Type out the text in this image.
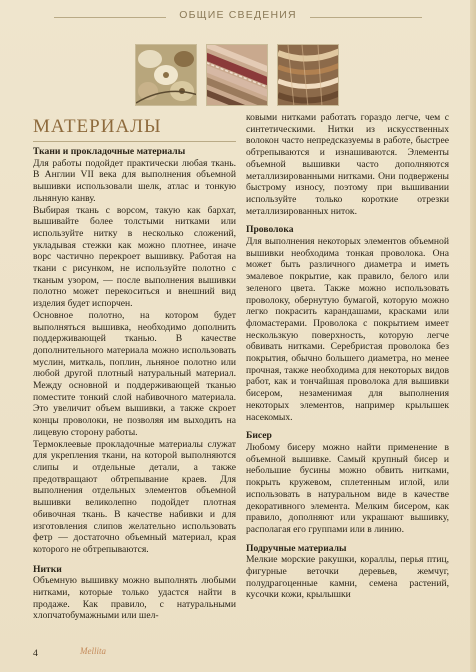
ОБЩИЕ СВЕДЕНИЯ
МАТЕРИАЛЫ
Ткани и прокладочные материалы

Для работы подойдет практически любая ткань. В Англии VII века для выполнения объемной вышивки использовали шелк, атлас и тонкую льняную канву.

Выбирая ткань с ворсом, такую как бархат, вышивайте более толстыми нитками или используйте нитку в несколько сложений, укладывая стежки как можно плотнее, иначе ворс частично перекроет вышивку. Работая на ткани с рисунком, не используйте полотно с тканым узором, — после выполнения вышивки полотно может перекоситься и внешний вид изделия будет испорчен.

Основное полотно, на котором будет выполняться вышивка, необходимо дополнить поддерживающей тканью. В качестве дополнительного материала можно использовать муслин, миткаль, поплин, льняное полотно или любой другой плотный натуральный материал. Между основной и поддерживающей тканью поместите тонкий слой набивочного материала. Это увеличит объем вышивки, а также скроет концы проволоки, не позволяя им выходить на лицевую сторону работы.

Термоклеевые прокладочные материалы служат для укрепления ткани, на которой выполняются слипы и отдельные детали, а также предотвращают обтрепывание краев. Для выполнения отдельных элементов объемной вышивки великолепно подойдет плотная обивочная ткань. В качестве набивки и для изготовления слипов желательно использовать фетр — достаточно объемный материал, края которого не обтрепываются.

Нитки

Объемную вышивку можно выполнять любыми нитками, которые только удастся найти в продаже. Как правило, с натуральными хлопчатобумажными или шел-

ковыми нитками работать гораздо легче, чем с синтетическими. Нитки из искусственных волокон часто непредсказуемы в работе, быстрее обтрепываются и изнашиваются. Элементы объемной вышивки часто дополняются металлизированными нитками. Они подвержены быстрому износу, поэтому при вышивании используйте только короткие отрезки металлизированных ниток.

Проволока

Для выполнения некоторых элементов объемной вышивки необходима тонкая проволока. Она может быть различного диаметра и иметь эмалевое покрытие, как правило, белого или зеленого цвета. Также можно использовать проволоку, обернутую бумагой, которую можно легко покрасить карандашами, красками или фломастерами. Проволока с покрытием имеет нескользкую поверхность, которую легче обвивать нитками. Серебристая проволока без покрытия, обычно большего диаметра, но менее прочная, также необходима для некоторых видов работ, как и тончайшая проволока для вышивки бисером, незаменимая для выполнения некоторых элементов, например крылышек насекомых.

Бисер

Любому бисеру можно найти применение в объемной вышивке. Самый крупный бисер и небольшие бусины можно обвить нитками, покрыть кружевом, сплетенным иглой, или использовать в натуральном виде в качестве декоративного элемента. Мелким бисером, как правило, дополняют или украшают вышивку, располагая его группами или в линию.

Подручные материалы

Мелкие морские ракушки, кораллы, перья птиц, фигурные веточки деревьев, жемчуг, полудрагоценные камни, семена растений, кусочки кожи, крылышки

4	Mellita
